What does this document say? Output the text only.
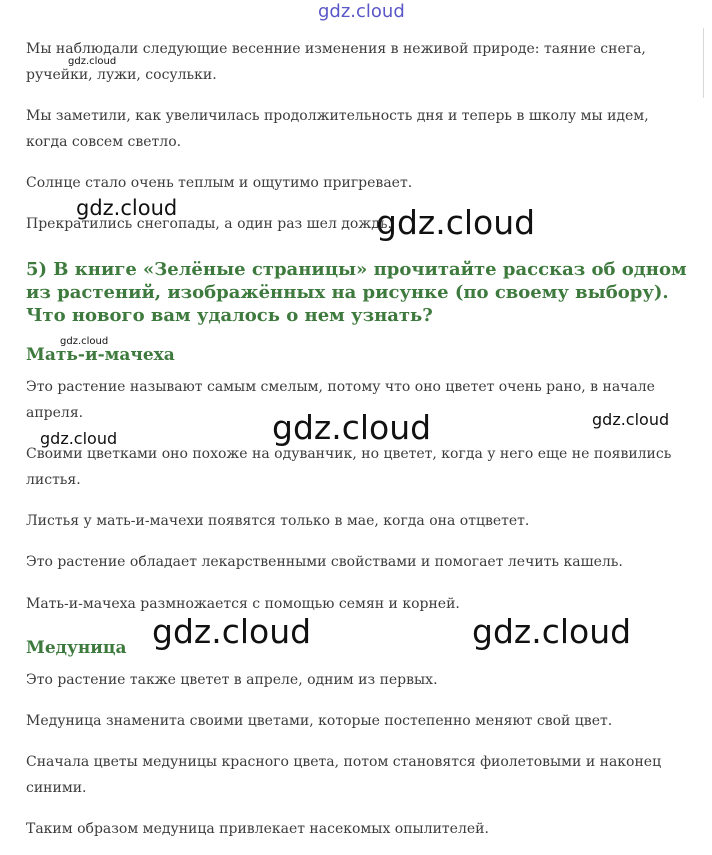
gdz.cloud
gdz.cloud
gdz.cloud	gdz.cloud
gdz.cloud
gdz.cloud	gdz.cloud
gdz.cloud
gdz.cloud	gdz.cloud

Мы наблюдали следующие весенние изменения в неживой природе: таяние снега, ручейки, лужи, сосульки.

Мы заметили, как увеличилась продолжительность дня и теперь в школу мы идем, когда совсем светло.

Солнце стало очень теплым и ощутимо пригревает.

Прекратились снегопады, а один раз шел дождь.

5) В книге «Зелёные страницы» прочитайте рассказ об одном из растений, изображённых на рисунке (по своему выбору). Что нового вам удалось о нем узнать?
Мать-и-мачеха

Это растение называют самым смелым, потому что оно цветет очень рано, в начале апреля.

Своими цветками оно похоже на одуванчик, но цветет, когда у него еще не появились листья.

Листья у мать-и-мачехи появятся только в мае, когда она отцветет.

Это растение обладает лекарственными свойствами и помогает лечить кашель.

Мать-и-мачеха размножается с помощью семян и корней.

Медуница

Это растение также цветет в апреле, одним из первых.

Медуница знаменита своими цветами, которые постепенно меняют свой цвет.

Сначала цветы медуницы красного цвета, потом становятся фиолетовыми и наконец синими.

Таким образом медуница привлекает насекомых опылителей.
